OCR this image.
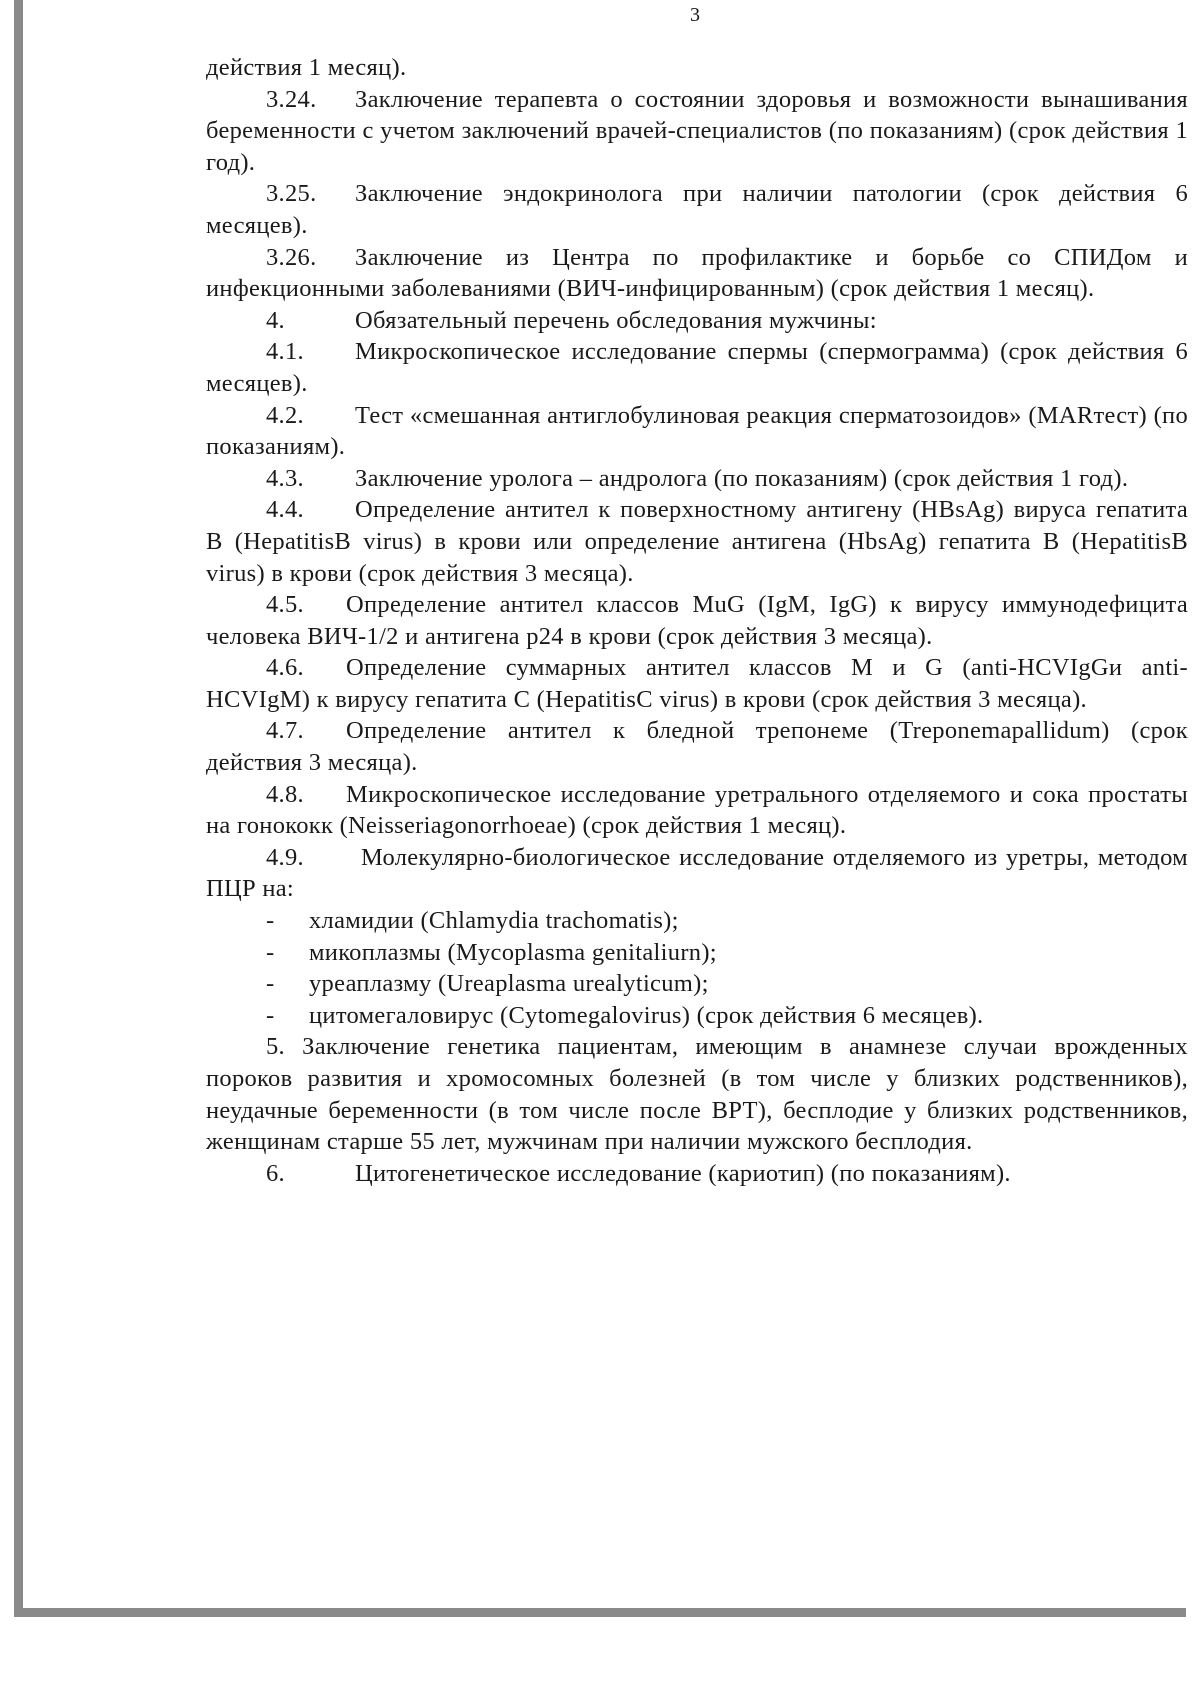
3

действия 1 месяц).

3.24. Заключение терапевта о состоянии здоровья и возможности вынашивания беременности с учетом заключений врачей-специалистов (по показаниям) (срок действия 1 год).

3.25. Заключение эндокринолога при наличии патологии (срок действия 6 месяцев).

3.26. Заключение из Центра по профилактике и борьбе со СПИДом и инфекционными заболеваниями (ВИЧ-инфицированным) (срок действия 1 месяц).

4.	Обязательный перечень обследования мужчины:

4.1. Микроскопическое исследование спермы (спермограмма) (срок действия 6 месяцев).

4.2. Тест «смешанная антиглобулиновая реакция сперматозоидов» (MARтест) (по показаниям).

4.3. Заключение уролога – андролога (по показаниям) (срок действия 1 год).

4.4. Определение антител к поверхностному антигену (HBsAg) вируса гепатита B (HepatitisB virus) в крови или определение антигена (HbsAg) гепатита B (HepatitisB virus) в крови (срок действия 3 месяца).

4.5. Определение антител классов MuG (IgM, IgG) к вирусу иммунодефицита человека ВИЧ-1/2 и антигена p24 в крови (срок действия 3 месяца).

4.6. Определение суммарных антител классов M и G (anti-HCVIgGи anti-HCVIgM) к вирусу гепатита C (HepatitisC virus) в крови (срок действия 3 месяца).

4.7. Определение антител к бледной трепонеме (Treponemapallidum) (срок действия 3 месяца).

4.8. Микроскопическое исследование уретрального отделяемого и сока простаты на гонококк (Neisseriagonorrhoeae) (срок действия 1 месяц).

4.9. Молекулярно-биологическое исследование отделяемого из уретры, методом ПЦР на:

- хламидии (Chlamydia trachomatis);
- микоплазмы (Mycoplasma genitaliurn);
- уреаплазму (Ureaplasma urealyticum);
- цитомегаловирус (Cytomegalovirus) (срок действия 6 месяцев).

5. Заключение генетика пациентам, имеющим в анамнезе случаи врожденных пороков развития и хромосомных болезней (в том числе у близких родственников), неудачные беременности (в том числе после ВРТ), бесплодие у близких родственников, женщинам старше 55 лет, мужчинам при наличии мужского бесплодия.

6.	Цитогенетическое исследование (кариотип) (по показаниям).
